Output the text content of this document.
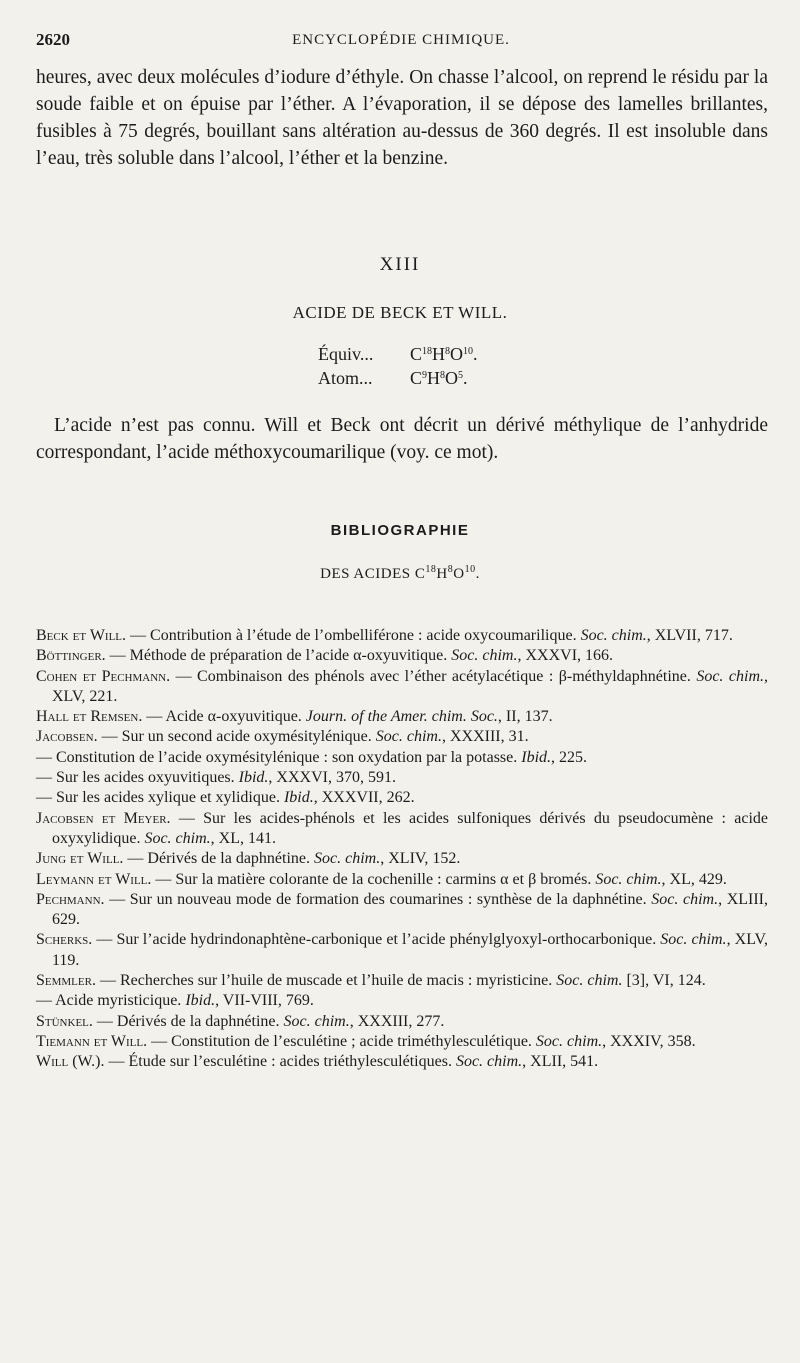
2620	ENCYCLOPÉDIE CHIMIQUE.

heures, avec deux molécules d’iodure d’éthyle. On chasse l’alcool, on reprend le résidu par la soude faible et on épuise par l’éther. A l’évaporation, il se dépose des lamelles brillantes, fusibles à 75 degrés, bouillant sans altération au-dessus de 360 degrés. Il est insoluble dans l’eau, très soluble dans l’alcool, l’éther et la benzine.

XIII
ACIDE DE BECK ET WILL.
Équiv... $C^{18}H^8O^{10}$.
Atom... $C^9H^8O^5$.

L’acide n’est pas connu. Will et Beck ont décrit un dérivé méthylique de l’anhydride correspondant, l’acide méthoxycoumarilique (voy. ce mot).

BIBLIOGRAPHIE
DES ACIDES $C^{18}H^8O^{10}$.

Beck et Will. — Contribution à l’étude de l’ombelliférone : acide oxycoumarilique. Soc. chim., XLVII, 717.

Böttinger. — Méthode de préparation de l’acide α-oxyuvitique. Soc. chim., XXXVI, 166.

Cohen et Pechmann. — Combinaison des phénols avec l’éther acétylacétique : β-méthyldaphnétine. Soc. chim., XLV, 221.

Hall et Remsen. — Acide α-oxyuvitique. Journ. of the Amer. chim. Soc., II, 137.

Jacobsen. — Sur un second acide oxymésitylénique. Soc. chim., XXXIII, 31.

— Constitution de l’acide oxymésitylénique : son oxydation par la potasse. Ibid., 225.

— Sur les acides oxyuvitiques. Ibid., XXXVI, 370, 591.

— Sur les acides xylique et xylidique. Ibid., XXXVII, 262.

Jacobsen et Meyer. — Sur les acides-phénols et les acides sulfoniques dérivés du pseudocumène : acide oxyxylidique. Soc. chim., XL, 141.

Jung et Will. — Dérivés de la daphnétine. Soc. chim., XLIV, 152.

Leymann et Will. — Sur la matière colorante de la cochenille : carmins α et β bromés. Soc. chim., XL, 429.

Pechmann. — Sur un nouveau mode de formation des coumarines : synthèse de la daphnétine. Soc. chim., XLIII, 629.

Scherks. — Sur l’acide hydrindonaphtène-carbonique et l’acide phénylglyoxyl-orthocarbonique. Soc. chim., XLV, 119.

Semmler. — Recherches sur l’huile de muscade et l’huile de macis : myristicine. Soc. chim. [3], VI, 124.

— Acide myristicique. Ibid., VII-VIII, 769.

Stünkel. — Dérivés de la daphnétine. Soc. chim., XXXIII, 277.

Tiemann et Will. — Constitution de l’esculétine ; acide triméthylesculétique. Soc. chim., XXXIV, 358.

Will (W.). — Étude sur l’esculétine : acides triéthylesculétiques. Soc. chim., XLII, 541.
